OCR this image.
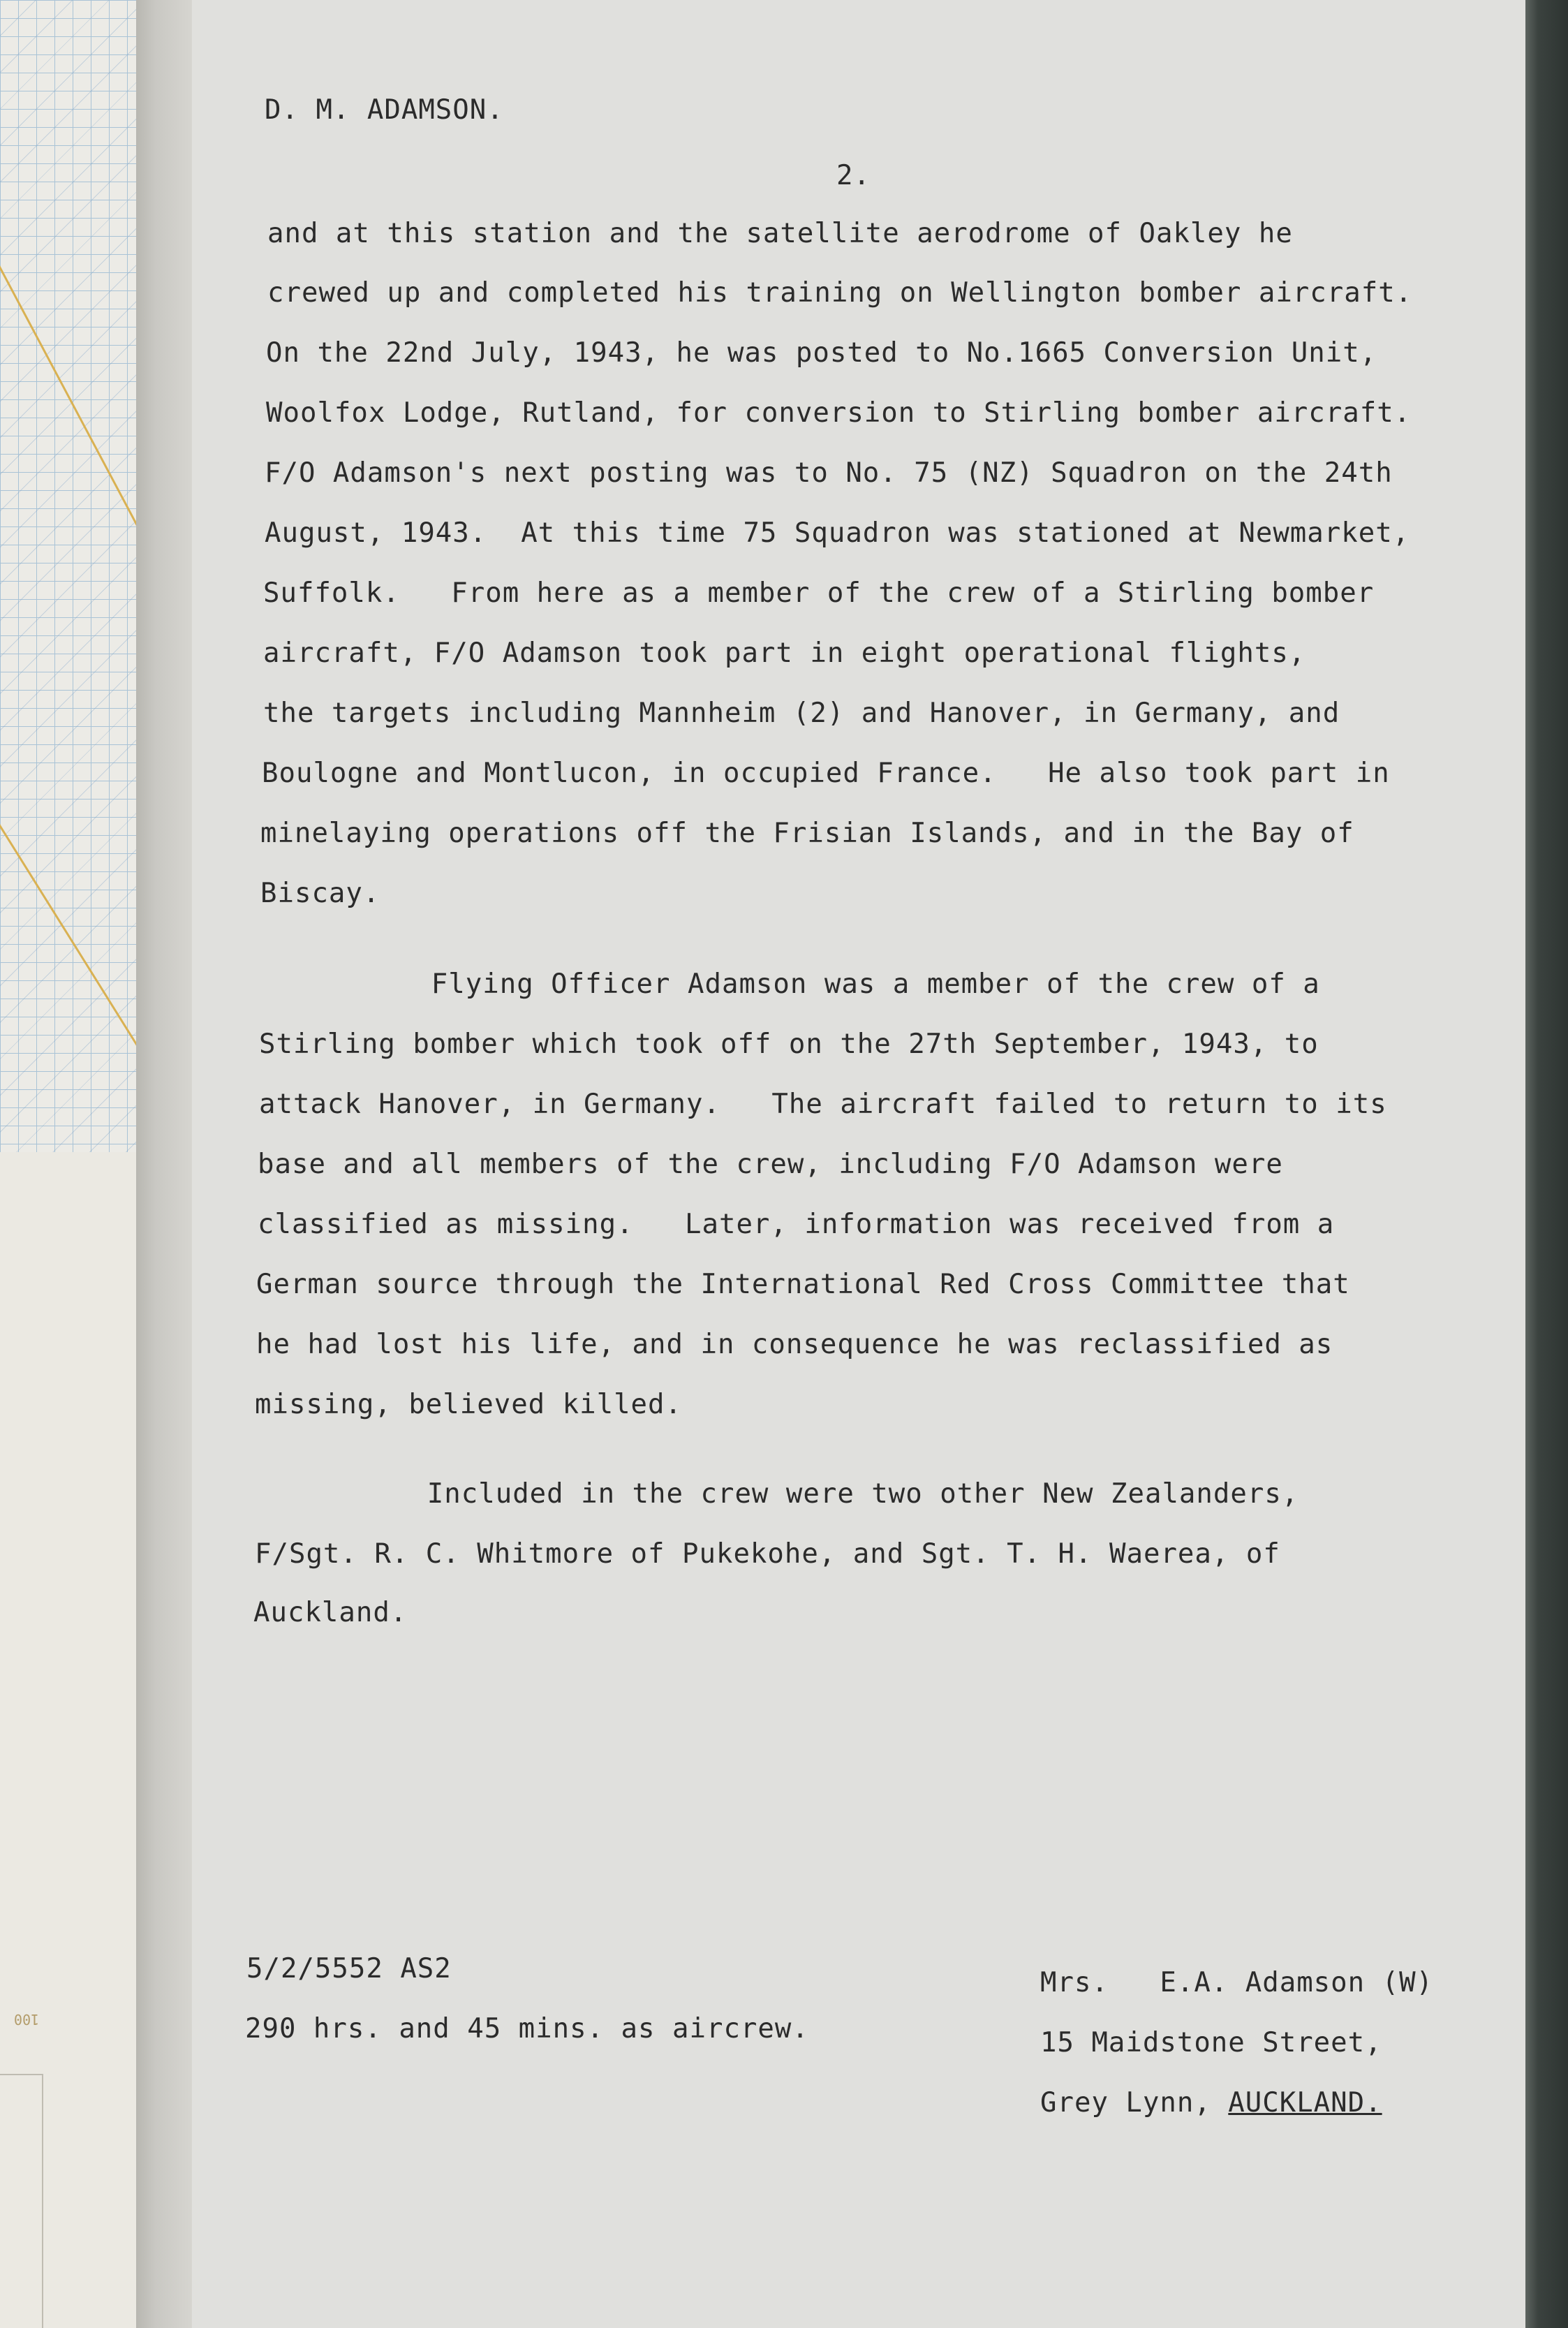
100
D. M. ADAMSON.
2.
and at this station and the satellite aerodrome of Oakley he
crewed up and completed his training on Wellington bomber aircraft.
On the 22nd July, 1943, he was posted to No.1665 Conversion Unit,
Woolfox Lodge, Rutland, for conversion to Stirling bomber aircraft.
F/O Adamson's next posting was to No. 75 (NZ) Squadron on the 24th
August, 1943.  At this time 75 Squadron was stationed at Newmarket,
Suffolk.   From here as a member of the crew of a Stirling bomber
aircraft, F/O Adamson took part in eight operational flights,
the targets including Mannheim (2) and Hanover, in Germany, and
Boulogne and Montlucon, in occupied France.   He also took part in
minelaying operations off the Frisian Islands, and in the Bay of
Biscay.
Flying Officer Adamson was a member of the crew of a
Stirling bomber which took off on the 27th September, 1943, to
attack Hanover, in Germany.   The aircraft failed to return to its
base and all members of the crew, including F/O Adamson were
classified as missing.   Later, information was received from a
German source through the International Red Cross Committee that
he had lost his life, and in consequence he was reclassified as
missing, believed killed.
Included in the crew were two other New Zealanders,
F/Sgt. R. C. Whitmore of Pukekohe, and Sgt. T. H. Waerea, of
Auckland.
5/2/5552 AS2
290 hrs. and 45 mins. as aircrew.
Mrs.   E.A. Adamson (W)
15 Maidstone Street,
Grey Lynn, AUCKLAND.
